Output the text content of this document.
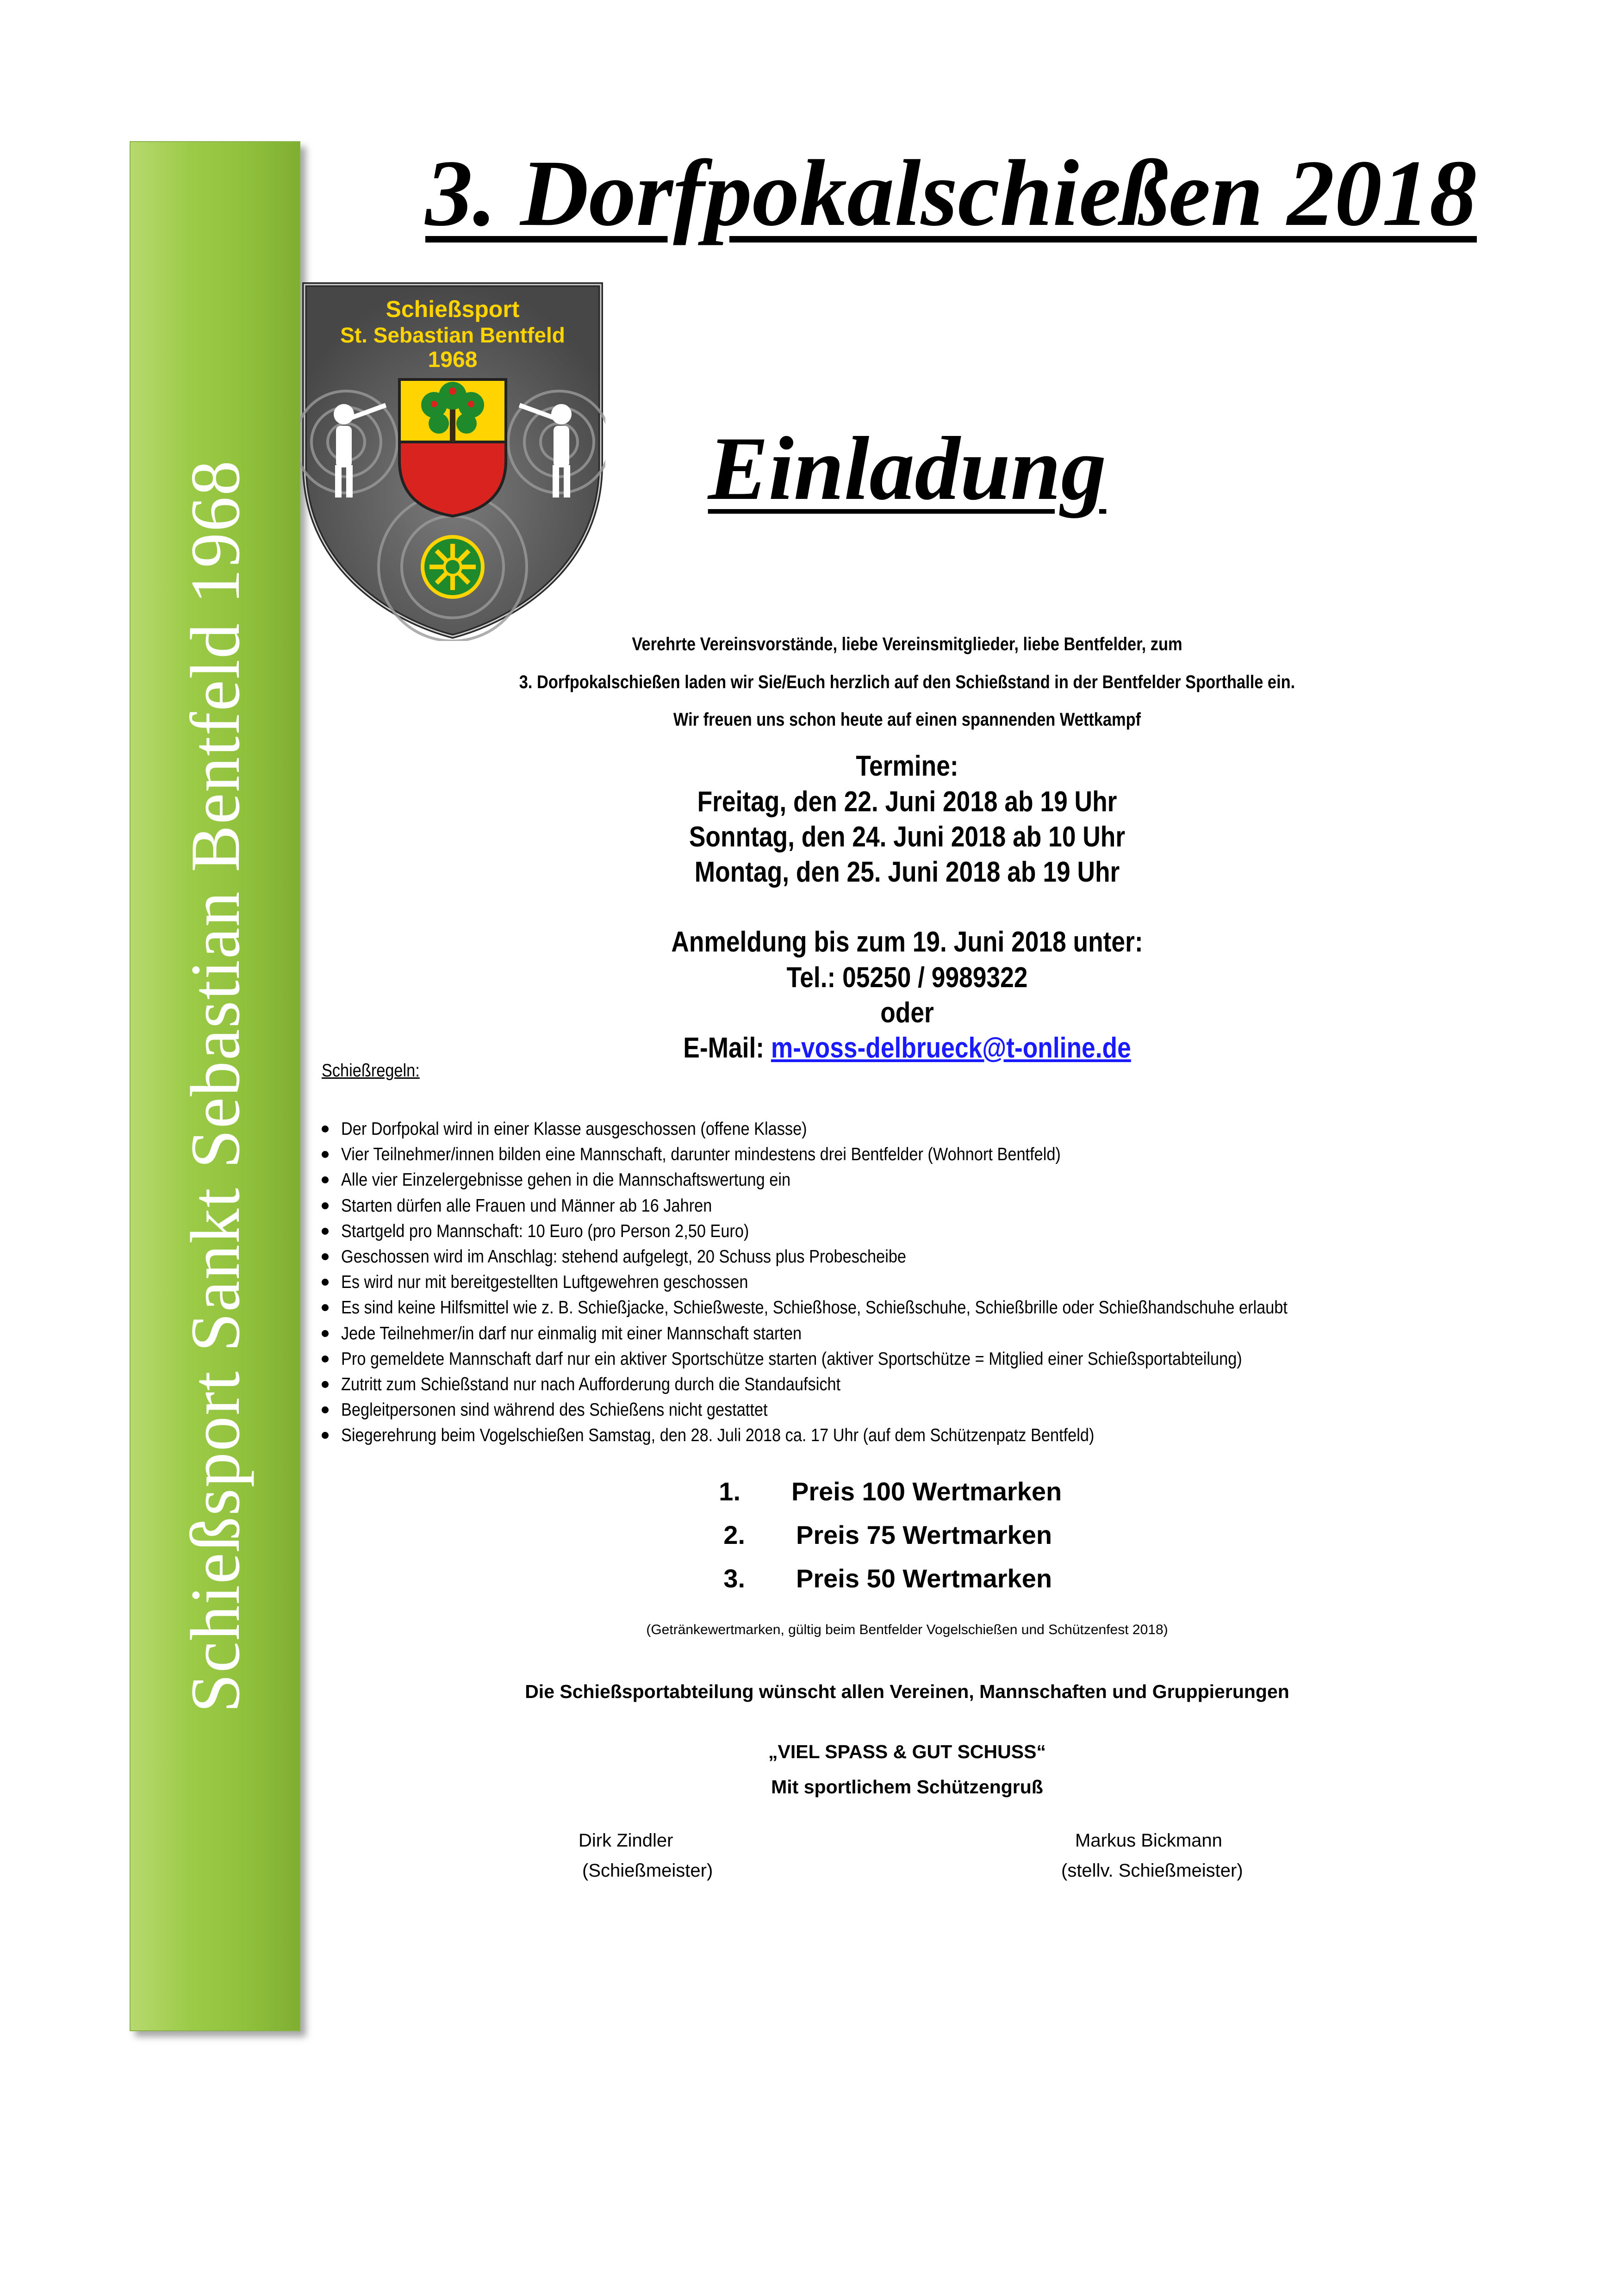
Schießsport Sankt Sebastian Bentfeld 1968
3. Dorfpokalschießen 2018
Schießsport
St. Sebastian Bentfeld
1968
Einladung
Verehrte Vereinsvorstände, liebe Vereinsmitglieder, liebe Bentfelder, zum
3. Dorfpokalschießen laden wir Sie/Euch herzlich auf den Schießstand in der Bentfelder Sporthalle ein.
Wir freuen uns schon heute auf einen spannenden Wettkampf
Termine:
Freitag, den 22. Juni 2018 ab 19 Uhr
Sonntag, den 24. Juni 2018 ab 10 Uhr
Montag, den 25. Juni 2018 ab 19 Uhr
Anmeldung bis zum 19. Juni 2018 unter:
Tel.: 05250 / 9989322
oder
E-Mail: m-voss-delbrueck@t-online.de
Schießregeln:
Der Dorfpokal wird in einer Klasse ausgeschossen (offene Klasse)
Vier Teilnehmer/innen bilden eine Mannschaft, darunter mindestens drei Bentfelder (Wohnort Bentfeld)
Alle vier Einzelergebnisse gehen in die Mannschaftswertung ein
Starten dürfen alle Frauen und Männer ab 16 Jahren
Startgeld pro Mannschaft: 10 Euro (pro Person 2,50 Euro)
Geschossen wird im Anschlag: stehend aufgelegt, 20 Schuss plus Probescheibe
Es wird nur mit bereitgestellten Luftgewehren geschossen
Es sind keine Hilfsmittel wie z. B. Schießjacke, Schießweste, Schießhose, Schießschuhe, Schießbrille oder Schießhandschuhe erlaubt
Jede Teilnehmer/in darf nur einmalig mit einer Mannschaft starten
Pro gemeldete Mannschaft darf nur ein aktiver Sportschütze starten (aktiver Sportschütze = Mitglied einer Schießsportabteilung)
Zutritt zum Schießstand nur nach Aufforderung durch die Standaufsicht
Begleitpersonen sind während des Schießens nicht gestattet
Siegerehrung beim Vogelschießen Samstag, den 28. Juli 2018 ca. 17 Uhr (auf dem Schützenpatz Bentfeld)
1. Preis 100 Wertmarken
2. Preis 75 Wertmarken
3. Preis 50 Wertmarken
(Getränkewertmarken, gültig beim Bentfelder Vogelschießen und Schützenfest 2018)
Die Schießsportabteilung wünscht allen Vereinen, Mannschaften und Gruppierungen
„VIEL SPASS & GUT SCHUSS“
Mit sportlichem Schützengruß
Dirk Zindler
(Schießmeister)
Markus Bickmann
(stellv. Schießmeister)
